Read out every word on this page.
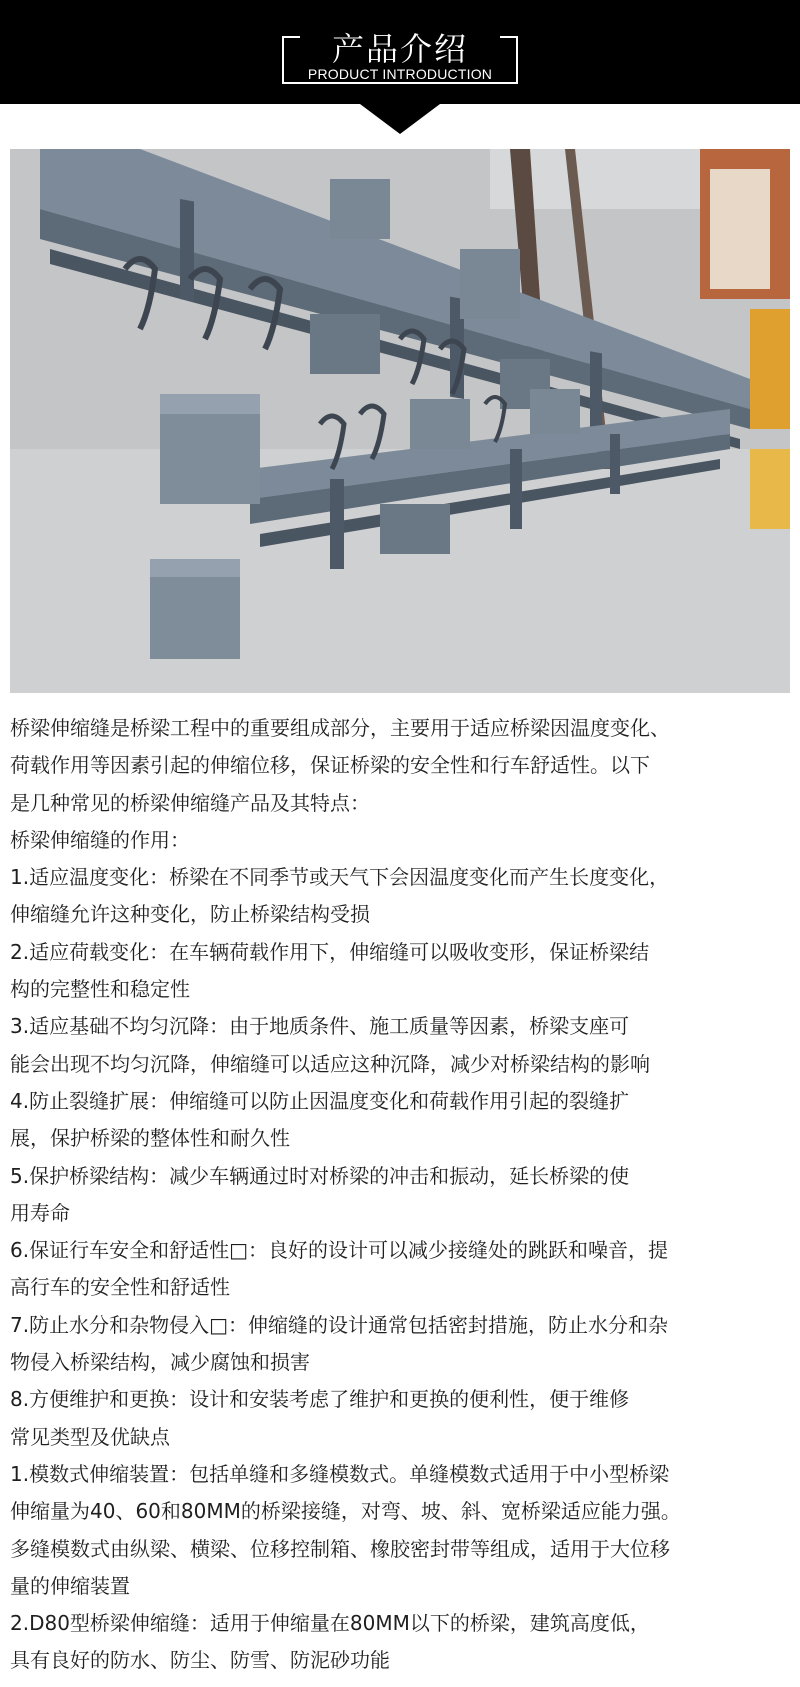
产品介绍
PRODUCT INTRODUCTION
桥梁伸缩缝是桥梁工程中的重要组成部分，主要用于适应桥梁因温度变化、
荷载作用等因素引起的伸缩位移，保证桥梁的安全性和行车舒适性。以下
是几种常见的桥梁伸缩缝产品及其特点：
桥梁伸缩缝的作用：
1.适应温度变化：桥梁在不同季节或天气下会因温度变化而产生长度变化，
伸缩缝允许这种变化，防止桥梁结构受损
2.适应荷载变化：在车辆荷载作用下，伸缩缝可以吸收变形，保证桥梁结
构的完整性和稳定性
3.适应基础不均匀沉降：由于地质条件、施工质量等因素，桥梁支座可
能会出现不均匀沉降，伸缩缝可以适应这种沉降，减少对桥梁结构的影响
4.防止裂缝扩展：伸缩缝可以防止因温度变化和荷载作用引起的裂缝扩
展，保护桥梁的整体性和耐久性
5.保护桥梁结构：减少车辆通过时对桥梁的冲击和振动，延长桥梁的使
用寿命
6.保证行车安全和舒适性□：良好的设计可以减少接缝处的跳跃和噪音，提
高行车的安全性和舒适性
7.防止水分和杂物侵入□：伸缩缝的设计通常包括密封措施，防止水分和杂
物侵入桥梁结构，减少腐蚀和损害
8.方便维护和更换：设计和安装考虑了维护和更换的便利性，便于维修
常见类型及优缺点
1.模数式伸缩装置：包括单缝和多缝模数式。单缝模数式适用于中小型桥梁
伸缩量为40、60和80MM的桥梁接缝，对弯、坡、斜、宽桥梁适应能力强。
多缝模数式由纵梁、横梁、位移控制箱、橡胶密封带等组成，适用于大位移
量的伸缩装置
2.D80型桥梁伸缩缝：适用于伸缩量在80MM以下的桥梁，建筑高度低，
具有良好的防水、防尘、防雪、防泥砂功能
